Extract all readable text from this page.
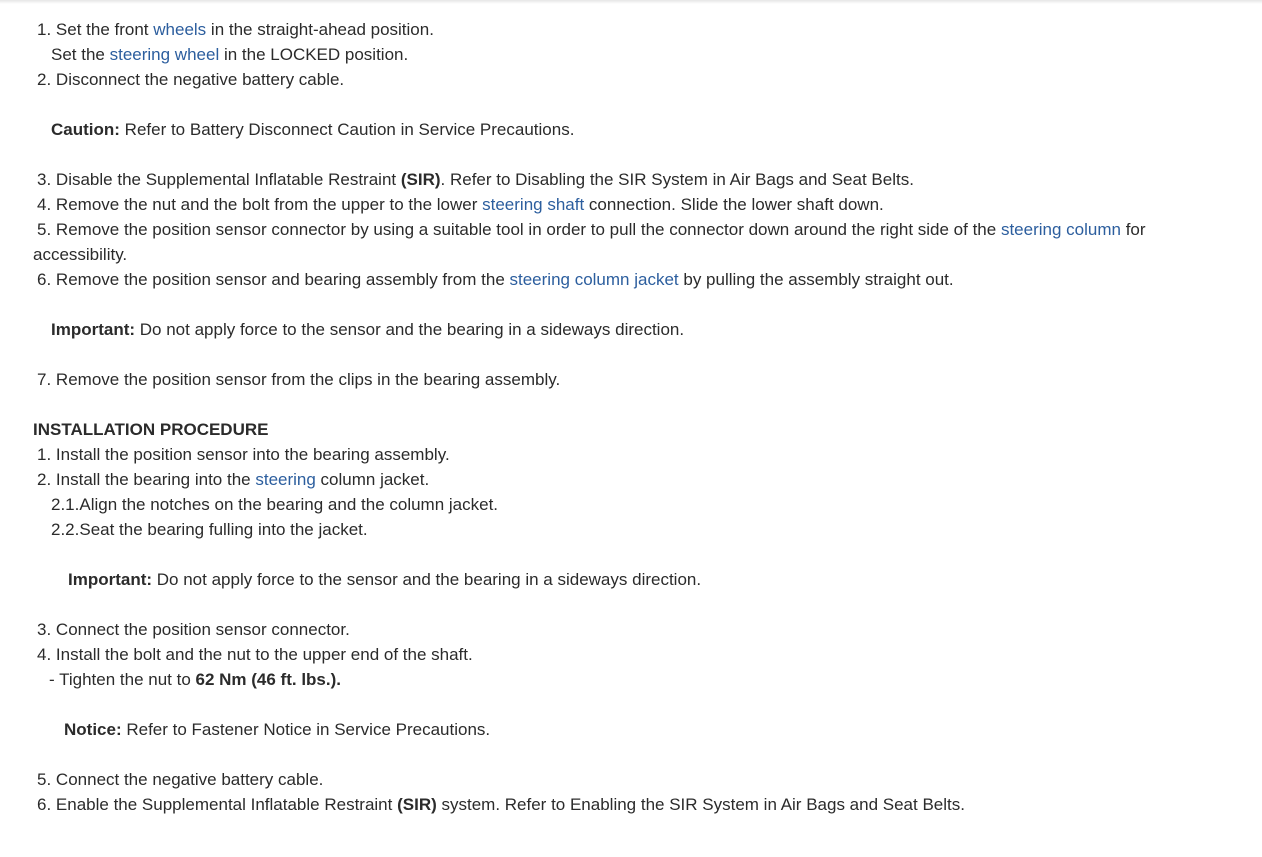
1. Set the front wheels in the straight-ahead position.
Set the steering wheel in the LOCKED position.
2. Disconnect the negative battery cable.
Caution: Refer to Battery Disconnect Caution in Service Precautions.
3. Disable the Supplemental Inflatable Restraint (SIR). Refer to Disabling the SIR System in Air Bags and Seat Belts.
4. Remove the nut and the bolt from the upper to the lower steering shaft connection. Slide the lower shaft down.
5. Remove the position sensor connector by using a suitable tool in order to pull the connector down around the right side of the steering column for accessibility.
6. Remove the position sensor and bearing assembly from the steering column jacket by pulling the assembly straight out.
Important: Do not apply force to the sensor and the bearing in a sideways direction.
7. Remove the position sensor from the clips in the bearing assembly.
INSTALLATION PROCEDURE
1. Install the position sensor into the bearing assembly.
2. Install the bearing into the steering column jacket.
2.1.Align the notches on the bearing and the column jacket.
2.2.Seat the bearing fulling into the jacket.
Important: Do not apply force to the sensor and the bearing in a sideways direction.
3. Connect the position sensor connector.
4. Install the bolt and the nut to the upper end of the shaft.
- Tighten the nut to 62 Nm (46 ft. lbs.).
Notice: Refer to Fastener Notice in Service Precautions.
5. Connect the negative battery cable.
6. Enable the Supplemental Inflatable Restraint (SIR) system. Refer to Enabling the SIR System in Air Bags and Seat Belts.
